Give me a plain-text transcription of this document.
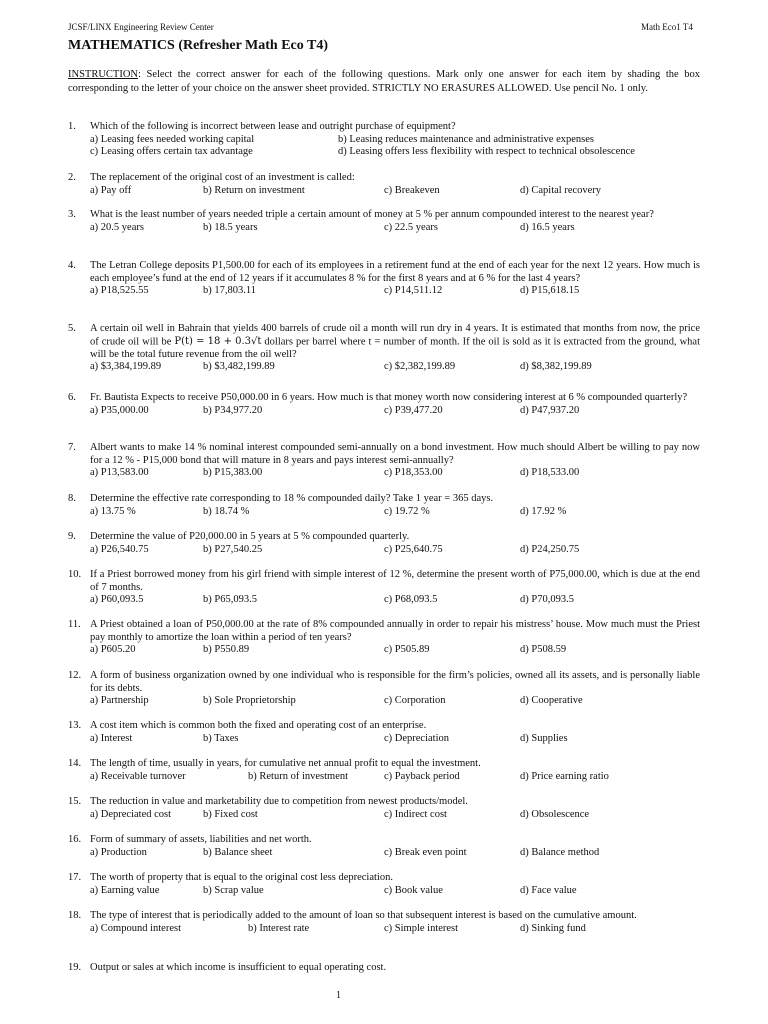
JCSF/LINX Engineering Review Center	Math Eco1 T4
MATHEMATICS (Refresher Math Eco T4)
INSTRUCTION: Select the correct answer for each of the following questions. Mark only one answer for each item by shading the box corresponding to the letter of your choice on the answer sheet provided. STRICTLY NO ERASURES ALLOWED. Use pencil No. 1 only.
1. Which of the following is incorrect between lease and outright purchase of equipment?
a) Leasing fees needed working capital	b) Leasing reduces maintenance and administrative expenses
c) Leasing offers certain tax advantage	d) Leasing offers less flexibility with respect to technical obsolescence
2. The replacement of the original cost of an investment is called:
a) Pay off	b) Return on investment	c) Breakeven	d) Capital recovery
3. What is the least number of years needed triple a certain amount of money at 5 % per annum compounded interest to the nearest year?
a) 20.5 years	b) 18.5 years	c) 22.5 years	d) 16.5 years
4. The Letran College deposits P1,500.00 for each of its employees in a retirement fund at the end of each year for the next 12 years. How much is each employee’s fund at the end of 12 years if it accumulates 8 % for the first 8 years and at 6 % for the last 4 years?
a) P18,525.55	b) 17,803.11	c) P14,511.12	d) P15,618.15
5. A certain oil well in Bahrain that yields 400 barrels of crude oil a month will run dry in 4 years. It is estimated that months from now, the price of crude oil will be P(t) = 18 + 0.3√t dollars per barrel where t = number of month. If the oil is sold as it is extracted from the ground, what will be the total future revenue from the oil well?
a) $3,384,199.89	b) $3,482,199.89	c) $2,382,199.89	d) $8,382,199.89
6. Fr. Bautista Expects to receive P50,000.00 in 6 years. How much is that money worth now considering interest at 6 % compounded quarterly?
a) P35,000.00	b) P34,977.20	c) P39,477.20	d) P47,937.20
7. Albert wants to make 14 % nominal interest compounded semi-annually on a bond investment. How much should Albert be willing to pay now for a 12 % - P15,000 bond that will mature in 8 years and pays interest semi-annually?
a) P13,583.00	b) P15,383.00	c) P18,353.00	d) P18,533.00
8. Determine the effective rate corresponding to 18 % compounded daily? Take 1 year = 365 days.
a) 13.75 %	b) 18.74 %	c) 19.72 %	d) 17.92 %
9. Determine the value of P20,000.00 in 5 years at 5 % compounded quarterly.
a) P26,540.75	b) P27,540.25	c) P25,640.75	d) P24,250.75
10. If a Priest borrowed money from his girl friend with simple interest of 12 %, determine the present worth of P75,000.00, which is due at the end of 7 months.
a) P60,093.5	b) P65,093.5	c) P68,093.5	d) P70,093.5
11. A Priest obtained a loan of P50,000.00 at the rate of 8% compounded annually in order to repair his mistress’ house. Mow much must the Priest pay monthly to amortize the loan within a period of ten years?
a) P605.20	b) P550.89	c) P505.89	d) P508.59
12. A form of business organization owned by one individual who is responsible for the firm’s policies, owned all its assets, and is personally liable for its debts.
a) Partnership	b) Sole Proprietorship	c) Corporation	d) Cooperative
13. A cost item which is common both the fixed and operating cost of an enterprise.
a) Interest	b) Taxes	c) Depreciation	d) Supplies
14. The length of time, usually in years, for cumulative net annual profit to equal the investment.
a) Receivable turnover	b) Return of investment	c) Payback period	d) Price earning ratio
15. The reduction in value and marketability due to competition from newest products/model.
a) Depreciated cost	b) Fixed cost	c) Indirect cost	d) Obsolescence
16. Form of summary of assets, liabilities and net worth.
a) Production	b) Balance sheet	c) Break even point	d) Balance method
17. The worth of property that is equal to the original cost less depreciation.
a) Earning value	b) Scrap value	c) Book value	d) Face value
18. The type of interest that is periodically added to the amount of loan so that subsequent interest is based on the cumulative amount.
a) Compound interest	b) Interest rate	c) Simple interest	d) Sinking fund
19. Output or sales at which income is insufficient to equal operating cost.
1
